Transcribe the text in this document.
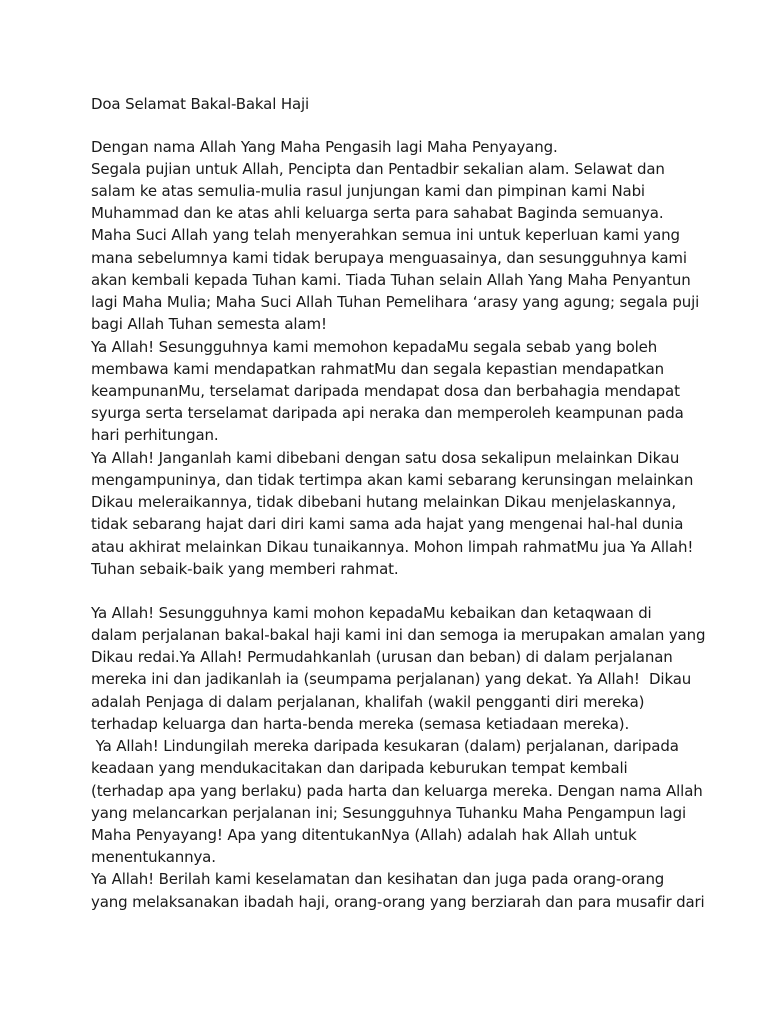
Doa Selamat Bakal-Bakal Haji

Dengan nama Allah Yang Maha Pengasih lagi Maha Penyayang.

Segala pujian untuk Allah, Pencipta dan Pentadbir sekalian alam. Selawat dan

salam ke atas semulia-mulia rasul junjungan kami dan pimpinan kami Nabi

Muhammad dan ke atas ahli keluarga serta para sahabat Baginda semuanya.

Maha Suci Allah yang telah menyerahkan semua ini untuk keperluan kami yang

mana sebelumnya kami tidak berupaya menguasainya, dan sesungguhnya kami

akan kembali kepada Tuhan kami. Tiada Tuhan selain Allah Yang Maha Penyantun

lagi Maha Mulia; Maha Suci Allah Tuhan Pemelihara ‘arasy yang agung; segala puji

bagi Allah Tuhan semesta alam!

Ya Allah! Sesungguhnya kami memohon kepadaMu segala sebab yang boleh

membawa kami mendapatkan rahmatMu dan segala kepastian mendapatkan

keampunanMu, terselamat daripada mendapat dosa dan berbahagia mendapat

syurga serta terselamat daripada api neraka dan memperoleh keampunan pada

hari perhitungan.

Ya Allah! Janganlah kami dibebani dengan satu dosa sekalipun melainkan Dikau

mengampuninya, dan tidak tertimpa akan kami sebarang kerunsingan melainkan

Dikau meleraikannya, tidak dibebani hutang melainkan Dikau menjelaskannya,

tidak sebarang hajat dari diri kami sama ada hajat yang mengenai hal-hal dunia

atau akhirat melainkan Dikau tunaikannya. Mohon limpah rahmatMu jua Ya Allah!

Tuhan sebaik-baik yang memberi rahmat.

Ya Allah! Sesungguhnya kami mohon kepadaMu kebaikan dan ketaqwaan di

dalam perjalanan bakal-bakal haji kami ini dan semoga ia merupakan amalan yang

Dikau redai.Ya Allah! Permudahkanlah (urusan dan beban) di dalam perjalanan

mereka ini dan jadikanlah ia (seumpama perjalanan) yang dekat. Ya Allah!  Dikau

adalah Penjaga di dalam perjalanan, khalifah (wakil pengganti diri mereka)

terhadap keluarga dan harta-benda mereka (semasa ketiadaan mereka).

Ya Allah! Lindungilah mereka daripada kesukaran (dalam) perjalanan, daripada

keadaan yang mendukacitakan dan daripada keburukan tempat kembali

(terhadap apa yang berlaku) pada harta dan keluarga mereka. Dengan nama Allah

yang melancarkan perjalanan ini; Sesungguhnya Tuhanku Maha Pengampun lagi

Maha Penyayang! Apa yang ditentukanNya (Allah) adalah hak Allah untuk

menentukannya.

Ya Allah! Berilah kami keselamatan dan kesihatan dan juga pada orang-orang

yang melaksanakan ibadah haji, orang-orang yang berziarah dan para musafir dari
